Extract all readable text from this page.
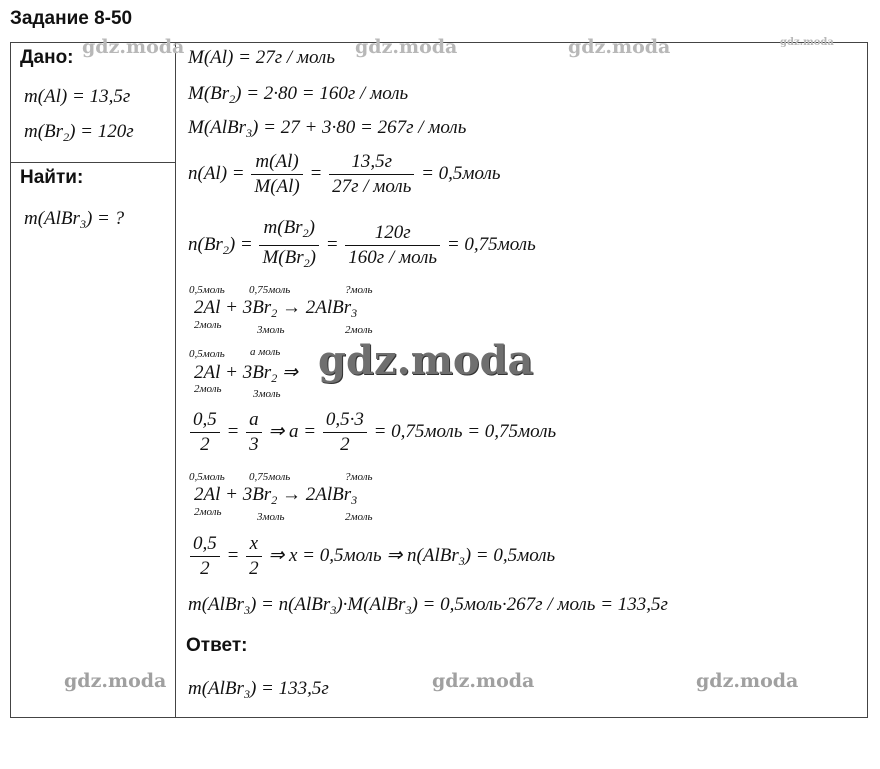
Задание 8-50
Дано:
m(Al) = 13,5г
$m(Br_2) = 120г$
Найти:
m(AlBr$_3$) = ?
M(Al) = 27г / моль
$M(Br_2) = 2\cdot 80 = 160г$ / моль
M(AlBr$_3$) = 27 + 3·80 = 267г / моль
$n(Al) = \frac{m(Al)}{M(Al)} = \frac{13,5г}{\text{27г / моль}}$ = 0,5моль
$n(Br_2) = \frac{m(Br_2)}{M(Br_2)} = \frac{120г}{\text{160г / моль}}$ = 0,75моль
0,5моль 0,75моль	?моль
$2Al + 3Br_2$ → 2AlBr$_3$
2моль	3моль	2моль
0,5моль a моль
$2Al + 3Br_2$ ⇒
2моль	3моль
$\frac{0,5}{2} = \frac{a}{3}$ ⇒ $a = \frac{0,5\cdot 3}{2}$ = 0,75моль = 0,75моль
0,5моль 0,75моль	?моль
$2Al + 3Br_2$ → 2AlBr$_3$
2моль	3моль	2моль
$\frac{0,5}{2} = \frac{x}{2}$ ⇒ x = 0,5моль ⇒ n(AlBr$_3$) = 0,5моль
m(AlBr$_3$) = n(AlBr$_3$)·M(AlBr$_3$) = 0,5моль·267г / моль = 133,5г
Ответ:
m(AlBr$_3$) = 133,5г
gdz.moda	gdz.moda	gdz.moda	gdz.moda
gdz.moda
gdz.moda	gdz.moda	gdz.moda
